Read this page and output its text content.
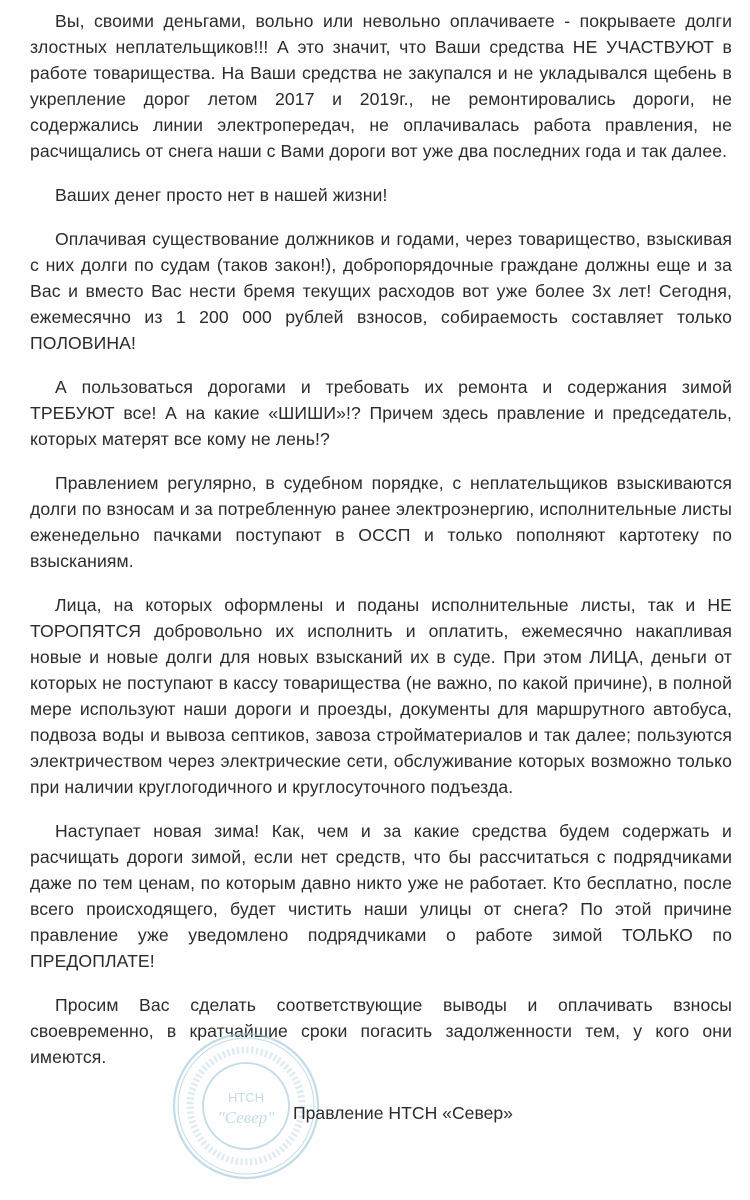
Вы, своими деньгами, вольно или невольно оплачиваете - покрываете долги злостных неплательщиков!!! А это значит, что Ваши средства НЕ УЧАСТВУЮТ в работе товарищества. На Ваши средства не закупался и не укладывался щебень в укрепление дорог летом 2017 и 2019г., не ремонтировались дороги, не содержались линии электропередач, не оплачивалась работа правления, не расчищались от снега наши с Вами дороги вот уже два последних года и так далее.

Ваших денег просто нет в нашей жизни!

Оплачивая существование должников и годами, через товарищество, взыскивая с них долги по судам (таков закон!), добропорядочные граждане должны еще и за Вас и вместо Вас нести бремя текущих расходов вот уже более 3х лет! Сегодня, ежемесячно из 1 200 000 рублей взносов, собираемость составляет только ПОЛОВИНА!

А пользоваться дорогами и требовать их ремонта и содержания зимой ТРЕБУЮТ все! А на какие «ШИШИ»!? Причем здесь правление и председатель, которых матерят все кому не лень!?

Правлением регулярно, в судебном порядке, с неплательщиков взыскиваются долги по взносам и за потребленную ранее электроэнергию, исполнительные листы еженедельно пачками поступают в ОССП и только пополняют картотеку по взысканиям.

Лица, на которых оформлены и поданы исполнительные листы, так и НЕ ТОРОПЯТСЯ добровольно их исполнить и оплатить, ежемесячно накапливая новые и новые долги для новых взысканий их в суде. При этом ЛИЦА, деньги от которых не поступают в кассу товарищества (не важно, по какой причине), в полной мере используют наши дороги и проезды, документы для маршрутного автобуса, подвоза воды и вывоза септиков, завоза стройматериалов и так далее; пользуются электричеством через электрические сети, обслуживание которых возможно только при наличии круглогодичного и круглосуточного подъезда.

Наступает новая зима! Как, чем и за какие средства будем содержать и расчищать дороги зимой, если нет средств, что бы рассчитаться с подрядчиками даже по тем ценам, по которым давно никто уже не работает. Кто бесплатно, после всего происходящего, будет чистить наши улицы от снега? По этой причине правление уже уведомлено подрядчиками о работе зимой ТОЛЬКО по ПРЕДОПЛАТЕ!

Просим Вас сделать соответствующие выводы и оплачивать взносы своевременно, в кратчайшие сроки погасить задолженности тем, у кого они имеются.

НТСН
"Север" Правление НТСН «Север»
